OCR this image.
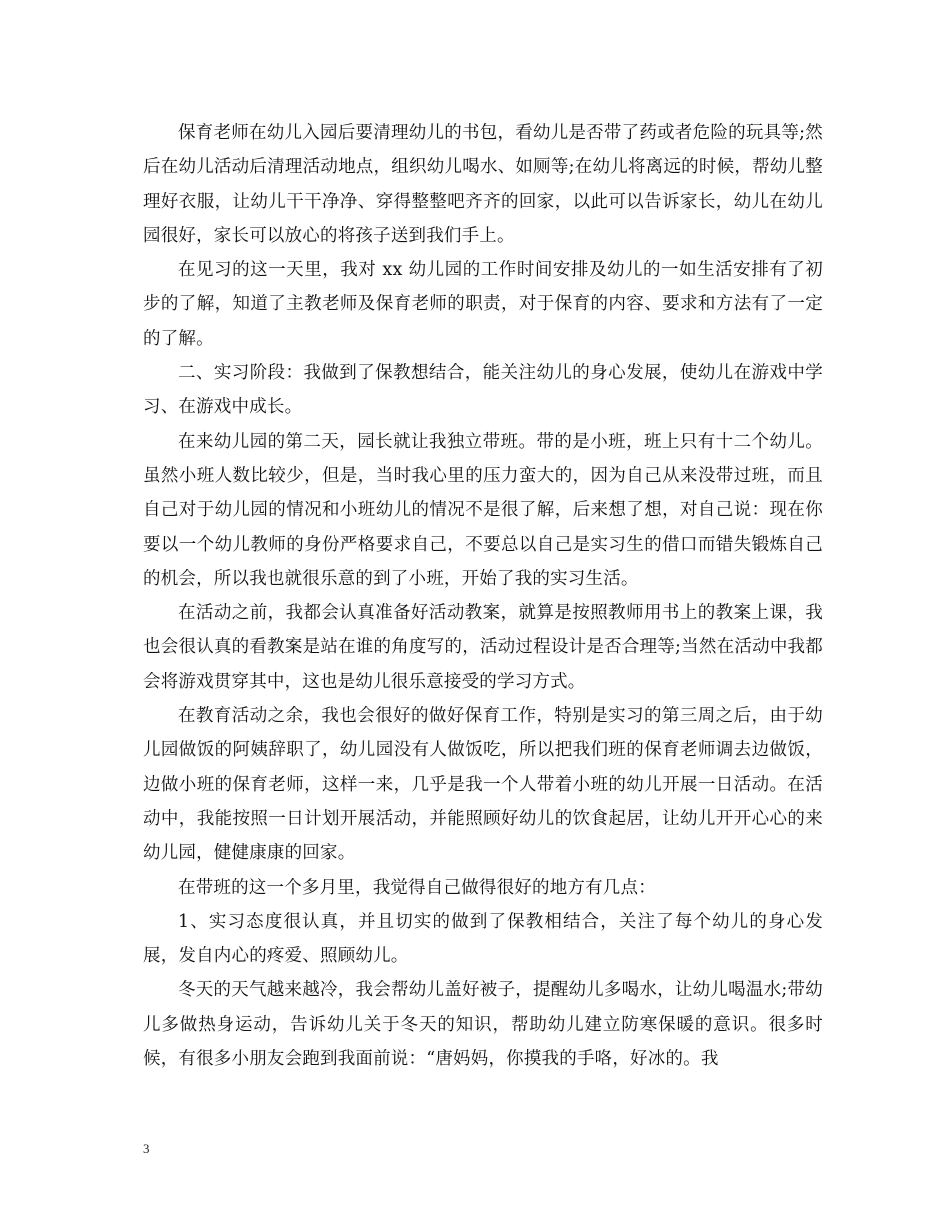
保育老师在幼儿入园后要清理幼儿的书包，看幼儿是否带了药或者危险的玩具等;然后在幼儿活动后清理活动地点，组织幼儿喝水、如厕等;在幼儿将离远的时候，帮幼儿整理好衣服，让幼儿干干净净、穿得整整吧齐齐的回家，以此可以告诉家长，幼儿在幼儿园很好，家长可以放心的将孩子送到我们手上。

在见习的这一天里，我对 xx 幼儿园的工作时间安排及幼儿的一如生活安排有了初步的了解，知道了主教老师及保育老师的职责，对于保育的内容、要求和方法有了一定的了解。

二、实习阶段：我做到了保教想结合，能关注幼儿的身心发展，使幼儿在游戏中学习、在游戏中成长。

在来幼儿园的第二天，园长就让我独立带班。带的是小班，班上只有十二个幼儿。虽然小班人数比较少，但是，当时我心里的压力蛮大的，因为自己从来没带过班，而且自己对于幼儿园的情况和小班幼儿的情况不是很了解，后来想了想，对自己说：现在你要以一个幼儿教师的身份严格要求自己，不要总以自己是实习生的借口而错失锻炼自己的机会，所以我也就很乐意的到了小班，开始了我的实习生活。

在活动之前，我都会认真准备好活动教案，就算是按照教师用书上的教案上课，我也会很认真的看教案是站在谁的角度写的，活动过程设计是否合理等;当然在活动中我都会将游戏贯穿其中，这也是幼儿很乐意接受的学习方式。

在教育活动之余，我也会很好的做好保育工作，特别是实习的第三周之后，由于幼儿园做饭的阿姨辞职了，幼儿园没有人做饭吃，所以把我们班的保育老师调去边做饭，边做小班的保育老师，这样一来，几乎是我一个人带着小班的幼儿开展一日活动。在活动中，我能按照一日计划开展活动，并能照顾好幼儿的饮食起居，让幼儿开开心心的来幼儿园，健健康康的回家。

在带班的这一个多月里，我觉得自己做得很好的地方有几点：

1、实习态度很认真，并且切实的做到了保教相结合，关注了每个幼儿的身心发展，发自内心的疼爱、照顾幼儿。

冬天的天气越来越冷，我会帮幼儿盖好被子，提醒幼儿多喝水，让幼儿喝温水;带幼儿多做热身运动，告诉幼儿关于冬天的知识，帮助幼儿建立防寒保暖的意识。很多时候，有很多小朋友会跑到我面前说：“唐妈妈，你摸我的手咯，好冰的。我

3
